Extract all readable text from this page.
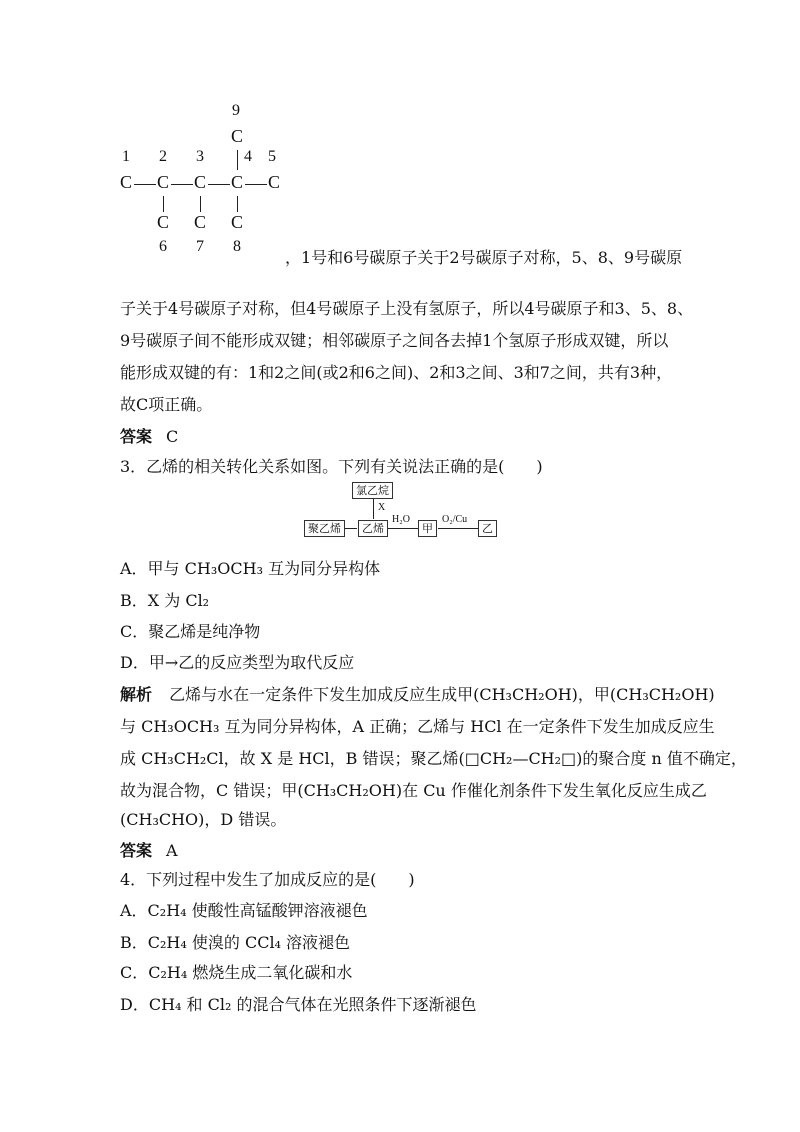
9
1 2 3	4 5
6 7 8
C
C C C C C
C C C
，1号和6号碳原子关于2号碳原子对称，5、8、9号碳原
子关于4号碳原子对称，但4号碳原子上没有氢原子，所以4号碳原子和3、5、8、
9号碳原子间不能形成双键；相邻碳原子之间各去掉1个氢原子形成双键，所以
能形成双键的有：1和2之间(或2和6之间)、2和3之间、3和7之间，共有3种，
故C项正确。
答案 C
3．乙烯的相关转化关系如图。下列有关说法正确的是(　　)
氯乙烷
X
聚乙烯	乙烯
H₂O
甲
O₂/Cu
乙
A．甲与 CH₃OCH₃ 互为同分异构体
B．X 为 Cl₂
C．聚乙烯是纯净物
D．甲→乙的反应类型为取代反应
解析 乙烯与水在一定条件下发生加成反应生成甲(CH₃CH₂OH)，甲(CH₃CH₂OH)
与 CH₃OCH₃ 互为同分异构体，A 正确；乙烯与 HCl 在一定条件下发生加成反应生
成 CH₃CH₂Cl，故 X 是 HCl，B 错误；聚乙烯(□CH₂—CH₂□)的聚合度 n 值不确定，
故为混合物，C 错误；甲(CH₃CH₂OH)在 Cu 作催化剂条件下发生氧化反应生成乙
(CH₃CHO)，D 错误。
答案 A
4．下列过程中发生了加成反应的是(　　)
A．C₂H₄ 使酸性高锰酸钾溶液褪色
B．C₂H₄ 使溴的 CCl₄ 溶液褪色
C．C₂H₄ 燃烧生成二氧化碳和水
D．CH₄ 和 Cl₂ 的混合气体在光照条件下逐渐褪色
